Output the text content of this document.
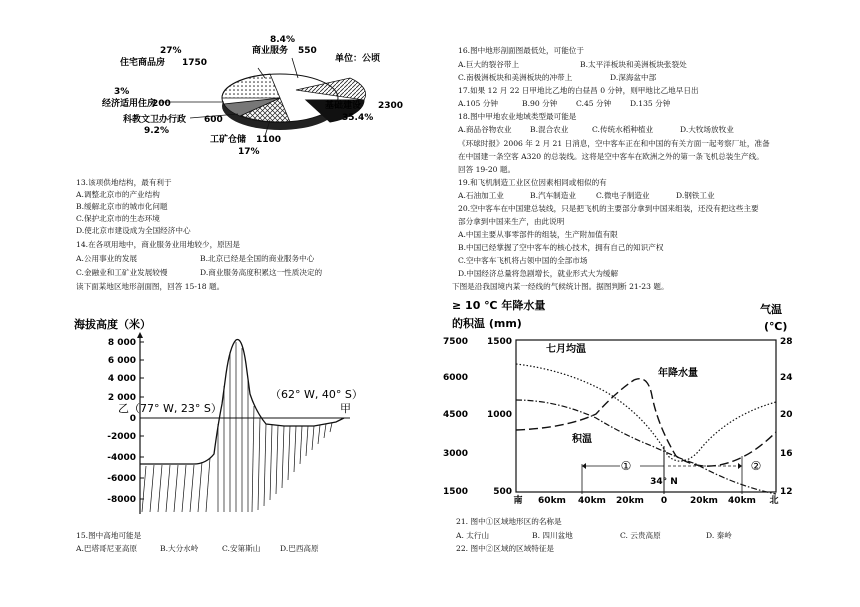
27%
住宅商品房 1750
8.4%
商业服务 550
单位：公顷
基础建设 2300
35.4%
3%
经济适用住房
200
科教文卫办行政 600
9.2%
工矿仓储 1100
17%
13.该项供地结构，最有利于
A.调整北京市的产业结构
B.缓解北京市的城市化问题
C.保护北京市的生态环境
D.使北京市建设成为全国经济中心
14.在各项用地中，商业服务业用地较少，原因是
A.公用事业的发展	B.北京已经是全国的商业服务中心
C.金融业和工矿业发展较慢	D.商业服务高度积累这一性质决定的
读下面某地区地形剖面图，回答 15-18 题。
海拔高度（米）
8 000
6 000
4 000
2 000
0
-2000
-4000
-6000
-8000
乙（77° W, 23° S）
（62° W, 40° S）
甲
15.图中高地可能是
A.巴塔哥尼亚高原	B.大分水岭	C.安第斯山	D.巴西高原
16.图中地形剖面图最低处，可能位于
A.巨大的裂谷带上	B.太平洋板块和美洲板块张裂处
C.南极洲板块和美洲板块的冲带上	D.深海盆中部
17.如果 12 月 22 日甲地比乙地的白昼昌 0 分钟，则甲地比乙地早日出
A.105 分钟	B.90 分钟 C.45 分钟 D.135 分钟
18.图中甲地农业地域类型最可能是
A.商品谷物农业 B.混合农业	C.传统水稻种植业	D.大牧场放牧业
《环球时报》2006 年 2 月 21 日消息，空中客车正在和中国的有关方面一起考察厂址，准备
在中国建一条空客 A320 的总装线。这将是空中客车在欧洲之外的第一条飞机总装生产线。
回答 19-20 题。
19.和飞机制造工业区位因素相同或相似的有
A.石油加工业	B.汽车制造业	C.微电子制造业	D.钢铁工业
20.空中客车在中国建总装线，只是把飞机的主要部分拿到中国来组装，还没有把这些主要
部分拿到中国来生产，由此说明
A.中国主要从事零部件的组装，生产附加值有限
B.中国已经掌握了空中客车的核心技术，拥有自己的知识产权
C.空中客车飞机将占领中国的全部市场
D.中国经济总量将急剧增长，就业形式大为缓解
下图是沿我国境内某一经线的气候统计图。据图判断 21-23 题。
≥ 10 ℃ 年降水量
的积温 (mm)
气温
(℃)
7500
6000
4500
3000
1500
1500
1000
500
28
24
20
16
12
南 60km 40km 20km 0	20km 40km 北
七月均温
年降水量
积温
①	②
34° N
21. 图中①区域地形区的名称是
A. 太行山	B. 四川盆地	C. 云贵高原	D. 秦岭
22. 图中②区域的区域特征是
